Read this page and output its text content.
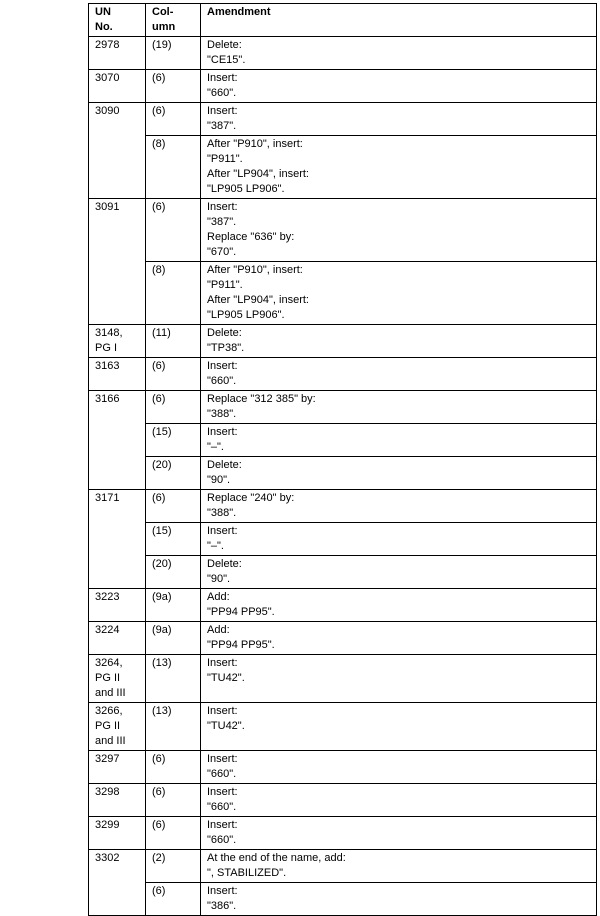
UN
No.	Col-
umn	Amendment

2978	(19)	Delete:
"CE15".

3070	(6)	Insert:
"660".

3090	(6)	Insert:
"387".

	(8)	After "P910", insert:
"P911".
After "LP904", insert:
"LP905 LP906".

3091	(6)	Insert:
"387".
Replace "636" by:
"670".

	(8)	After "P910", insert:
"P911".
After "LP904", insert:
"LP905 LP906".

3148,
PG I	(11)	Delete:
"TP38".

3163	(6)	Insert:
"660".

3166	(6)	Replace "312 385" by:
"388".

	(15)	Insert:
"–".

	(20)	Delete:
"90".

3171	(6)	Replace "240" by:
"388".

	(15)	Insert:
"–".

	(20)	Delete:
"90".

3223	(9a)	Add:
"PP94 PP95".

3224	(9a)	Add:
"PP94 PP95".

3264,
PG II
and III	(13)	Insert:
"TU42".

3266,
PG II
and III	(13)	Insert:
"TU42".

3297	(6)	Insert:
"660".

3298	(6)	Insert:
"660".

3299	(6)	Insert:
"660".

3302	(2)	At the end of the name, add:
", STABILIZED".

	(6)	Insert:
"386".
